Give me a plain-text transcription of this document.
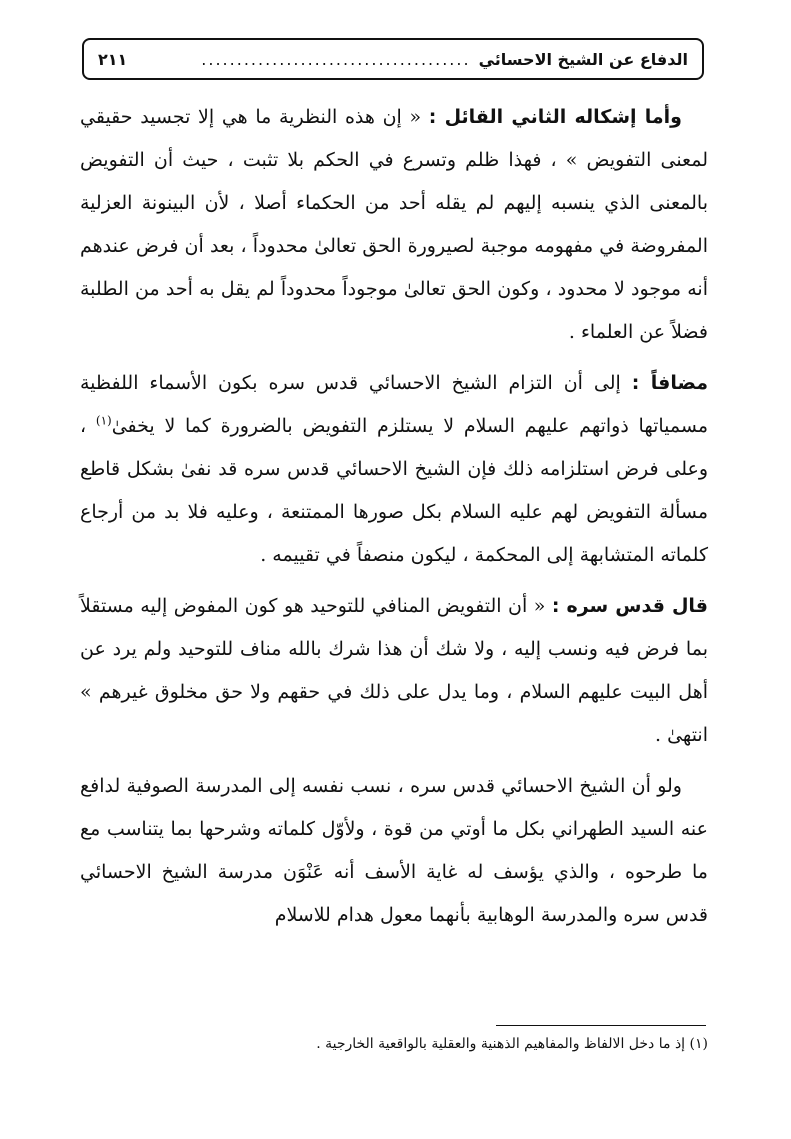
الدفاع عن الشيخ الاحسائي
......................................
٢١١

وأما إشكاله الثاني القائل : « إن هذه النظرية ما هي إلا تجسيد حقيقي لمعنى التفويض » ، فهذا ظلم وتسرع في الحكم بلا تثبت ، حيث أن التفويض بالمعنى الذي ينسبه إليهم لم يقله أحد من الحكماء أصلا ، لأن البينونة العزلية المفروضة في مفهومه موجبة لصيرورة الحق تعالىٰ محدوداً ، بعد أن فرض عندهم أنه موجود لا محدود ، وكون الحق تعالىٰ موجوداً محدوداً لم يقل به أحد من الطلبة فضلاً عن العلماء .

مضافاً : إلى أن التزام الشيخ الاحسائي قدس سره بكون الأسماء اللفظية مسمياتها ذواتهم عليهم السلام لا يستلزم التفويض بالضرورة كما لا يخفىٰ$^{(١)}$ ، وعلى فرض استلزامه ذلك فإن الشيخ الاحسائي قدس سره قد نفىٰ بشكل قاطع مسألة التفويض لهم عليه السلام بكل صورها الممتنعة ، وعليه فلا بد من أرجاع كلماته المتشابهة إلى المحكمة ، ليكون منصفاً في تقييمه .

قال قدس سره : « أن التفويض المنافي للتوحيد هو كون المفوض إليه مستقلاً بما فرض فيه ونسب إليه ، ولا شك أن هذا شرك بالله مناف للتوحيد ولم يرد عن أهل البيت عليهم السلام ، وما يدل على ذلك في حقهم ولا حق مخلوق غيرهم » انتهىٰ .

ولو أن الشيخ الاحسائي قدس سره ، نسب نفسه إلى المدرسة الصوفية لدافع عنه السيد الطهراني بكل ما أوتي من قوة ، ولأوّل كلماته وشرحها بما يتناسب مع ما طرحوه ، والذي يؤسف له غاية الأسف أنه عَنْوَن مدرسة الشيخ الاحسائي قدس سره والمدرسة الوهابية بأنهما معول هدام للاسلام

(١) إذ ما دخل الالفاظ والمفاهيم الذهنية والعقلية بالواقعية الخارجية .
